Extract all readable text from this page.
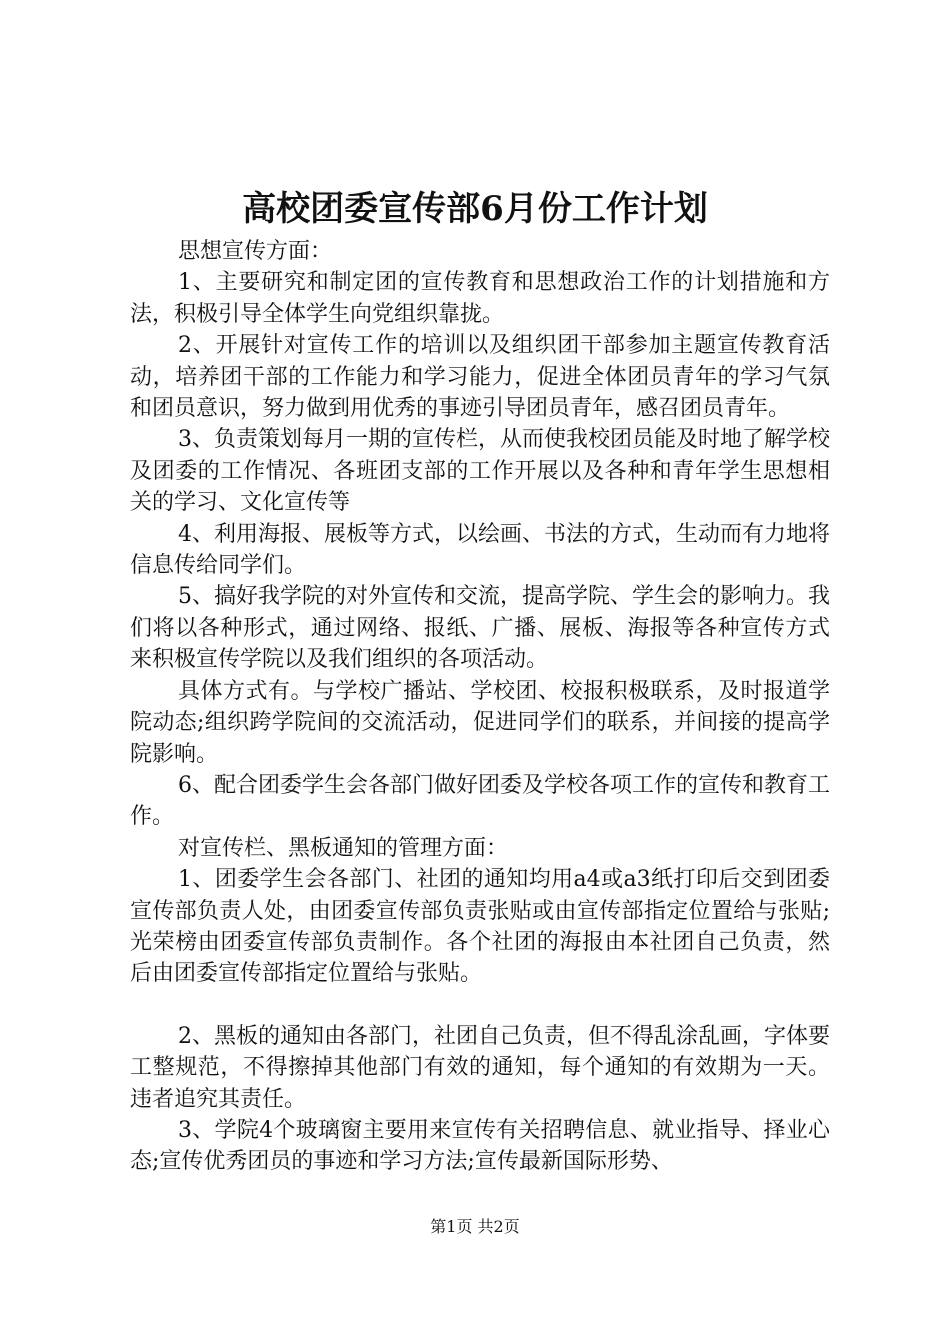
高校团委宣传部6月份工作计划

思想宣传方面：

1、主要研究和制定团的宣传教育和思想政治工作的计划措施和方法，积极引导全体学生向党组织靠拢。

2、开展针对宣传工作的培训以及组织团干部参加主题宣传教育活动，培养团干部的工作能力和学习能力，促进全体团员青年的学习气氛和团员意识，努力做到用优秀的事迹引导团员青年，感召团员青年。

3、负责策划每月一期的宣传栏，从而使我校团员能及时地了解学校及团委的工作情况、各班团支部的工作开展以及各种和青年学生思想相关的学习、文化宣传等

4、利用海报、展板等方式，以绘画、书法的方式，生动而有力地将信息传给同学们。

5、搞好我学院的对外宣传和交流，提高学院、学生会的影响力。我们将以各种形式，通过网络、报纸、广播、展板、海报等各种宣传方式来积极宣传学院以及我们组织的各项活动。

具体方式有。与学校广播站、学校团、校报积极联系，及时报道学院动态;组织跨学院间的交流活动，促进同学们的联系，并间接的提高学院影响。

6、配合团委学生会各部门做好团委及学校各项工作的宣传和教育工作。

对宣传栏、黑板通知的管理方面：

1、团委学生会各部门、社团的通知均用a4或a3纸打印后交到团委宣传部负责人处，由团委宣传部负责张贴或由宣传部指定位置给与张贴;光荣榜由团委宣传部负责制作。各个社团的海报由本社团自己负责，然后由团委宣传部指定位置给与张贴。

2、黑板的通知由各部门，社团自己负责，但不得乱涂乱画，字体要工整规范，不得擦掉其他部门有效的通知，每个通知的有效期为一天。违者追究其责任。

3、学院4个玻璃窗主要用来宣传有关招聘信息、就业指导、择业心态;宣传优秀团员的事迹和学习方法;宣传最新国际形势、

第1页 共2页
